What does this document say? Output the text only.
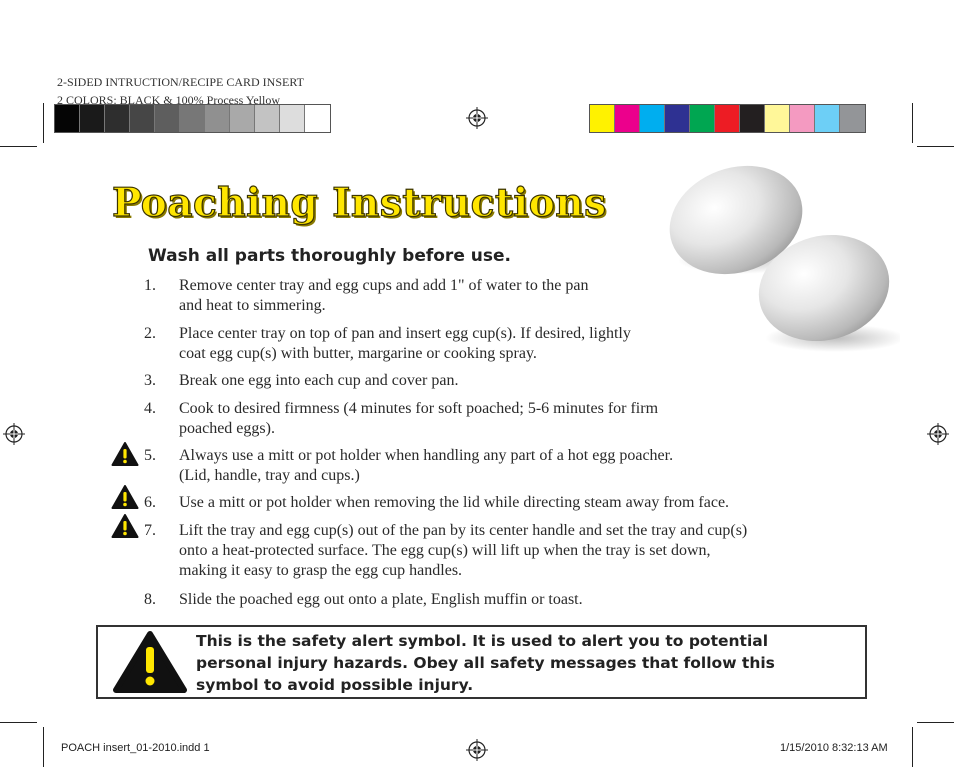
2-SIDED INTRUCTION/RECIPE CARD INSERT
2 COLORS: BLACK & 100% Process Yellow
Poaching Instructions
Wash all parts thoroughly before use.
1. Remove center tray and egg cups and add 1" of water to the pan
and heat to simmering.
2. Place center tray on top of pan and insert egg cup(s). If desired, lightly
coat egg cup(s) with butter, margarine or cooking spray.
3. Break one egg into each cup and cover pan.
4. Cook to desired firmness (4 minutes for soft poached; 5-6 minutes for firm
poached eggs).
5. Always use a mitt or pot holder when handling any part of a hot egg poacher.
(Lid, handle, tray and cups.)
6. Use a mitt or pot holder when removing the lid while directing steam away from face.
7. Lift the tray and egg cup(s) out of the pan by its center handle and set the tray and cup(s)
onto a heat-protected surface. The egg cup(s) will lift up when the tray is set down,
making it easy to grasp the egg cup handles.
8. Slide the poached egg out onto a plate, English muffin or toast.
This is the safety alert symbol. It is used to alert you to potential
personal injury hazards. Obey all safety messages that follow this
symbol to avoid possible injury.
POACH insert_01-2010.indd 1	1/15/2010 8:32:13 AM
